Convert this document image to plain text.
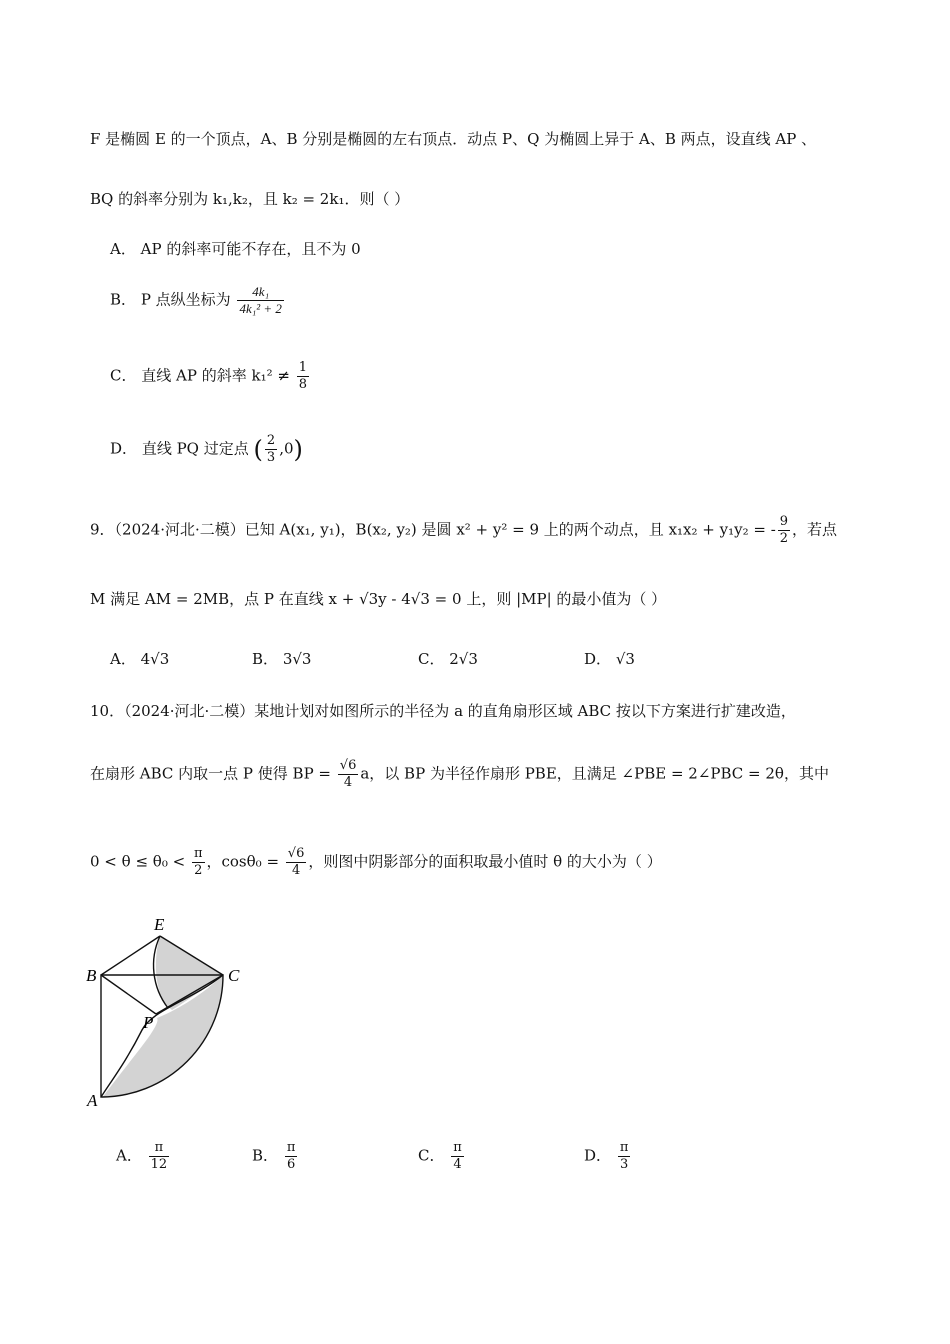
F 是椭圆 E 的一个顶点，A、B 分别是椭圆的左右顶点．动点 P、Q 为椭圆上异于 A、B 两点，设直线 AP 、
BQ 的斜率分别为 k₁,k₂，且 k₂ = 2k₁．则（ ）
A． AP 的斜率可能不存在，且不为 0
B． P 点纵坐标为 $\frac{\text{4k₁}}{\text{4k₁² + 2}}$
C． 直线 AP 的斜率 $k_1^2 \ne \frac{1}{8}$
D． 直线 PQ 过定点 ( $\frac{2}{3} ,0$)
9．（2024·河北·二模）已知 A(x₁, y₁)，B(x₂, y₂) 是圆 x² + y² = 9 上的两个动点，且 x₁x₂ + y₁y₂ = - $\frac{9}{2}$ ，若点
M 满足 AM = 2MB，点 P 在直线 x + √3y - 4√3 = 0 上，则 |MP| 的最小值为（ ）
A． 4√3	B． 3√3	C． 2√3	D． √3
10．（2024·河北·二模）某地计划对如图所示的半径为 a 的直角扇形区域 ABC 按以下方案进行扩建改造，
在扇形 ABC 内取一点 P 使得 BP = $\frac{√6}{4}$ a，以 BP 为半径作扇形 PBE，且满足 ∠PBE = 2∠PBC = 2θ，其中
$0 < \theta \le \theta_0 < \frac{\pi}{2}$ ，$\cos\theta_0 = \frac{√6}{4}$ ，则图中阴影部分的面积取最小值时 θ 的大小为（ ）
E
B	C
P
A
A． $\frac{\pi}{12}$	B． $\frac{\pi}{6}$	C． $\frac{\pi}{4}$	D． $\frac{\pi}{3}$
